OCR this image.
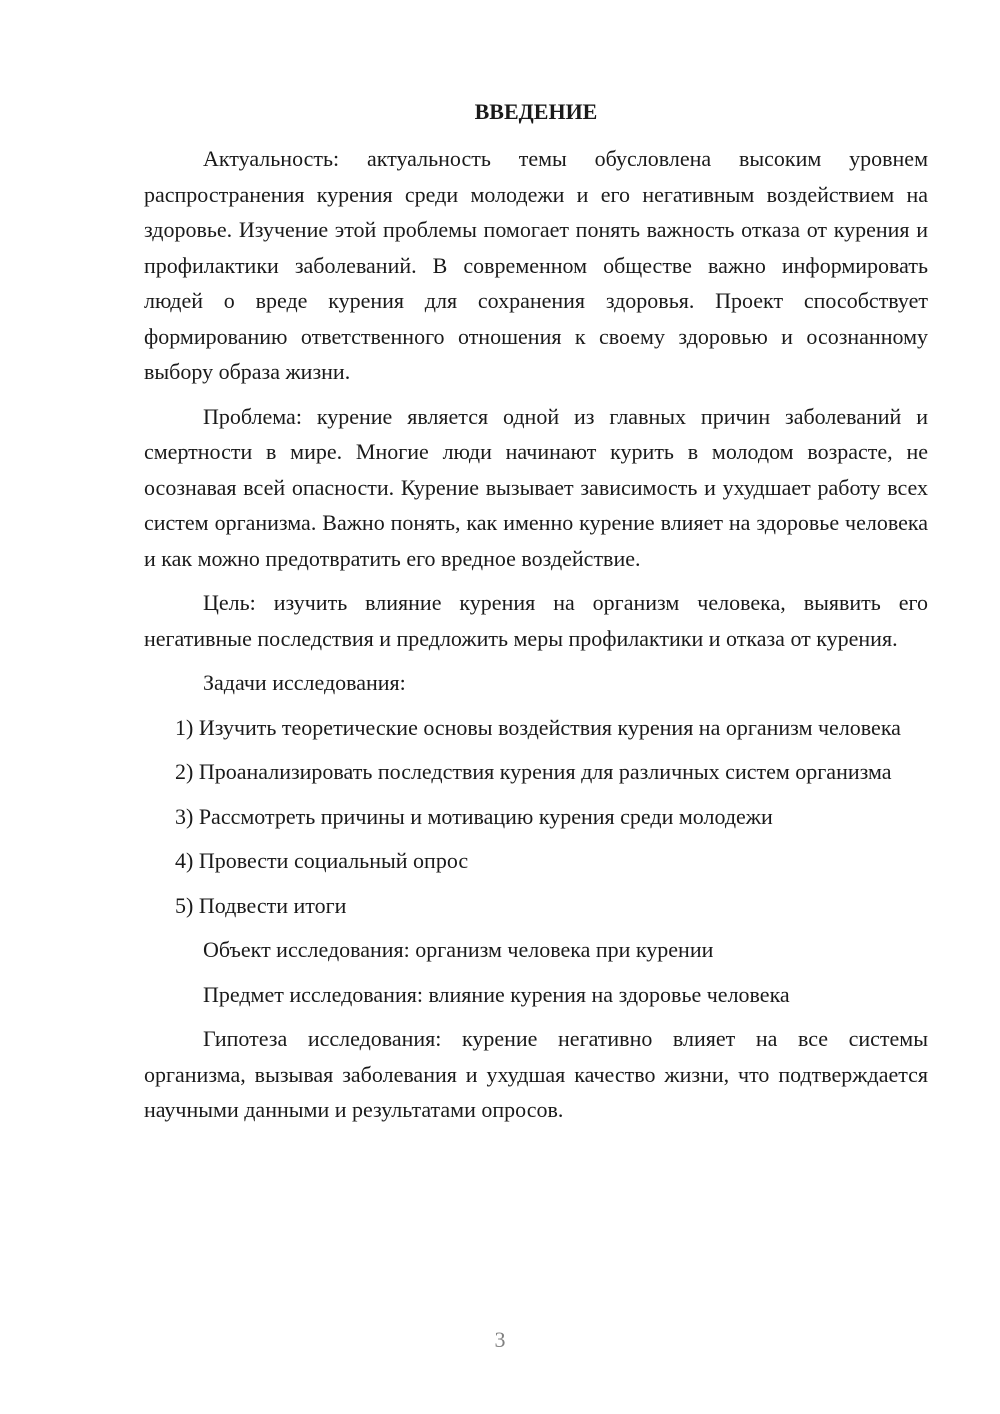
ВВЕДЕНИЕ

Актуальность: актуальность темы обусловлена высоким уровнем распространения курения среди молодежи и его негативным воздействием на здоровье. Изучение этой проблемы помогает понять важность отказа от курения и профилактики заболеваний. В современном обществе важно информировать людей о вреде курения для сохранения здоровья. Проект способствует формированию ответственного отношения к своему здоровью и осознанному выбору образа жизни.

Проблема: курение является одной из главных причин заболеваний и смертности в мире. Многие люди начинают курить в молодом возрасте, не осознавая всей опасности. Курение вызывает зависимость и ухудшает работу всех систем организма. Важно понять, как именно курение влияет на здоровье человека и как можно предотвратить его вредное воздействие.

Цель: изучить влияние курения на организм человека, выявить его негативные последствия и предложить меры профилактики и отказа от курения.

Задачи исследования:

1) Изучить теоретические основы воздействия курения на организм человека

2) Проанализировать последствия курения для различных систем организма

3) Рассмотреть причины и мотивацию курения среди молодежи

4) Провести социальный опрос

5) Подвести итоги

Объект исследования: организм человека при курении

Предмет исследования: влияние курения на здоровье человека

Гипотеза исследования: курение негативно влияет на все системы организма, вызывая заболевания и ухудшая качество жизни, что подтверждается научными данными и результатами опросов.

3
